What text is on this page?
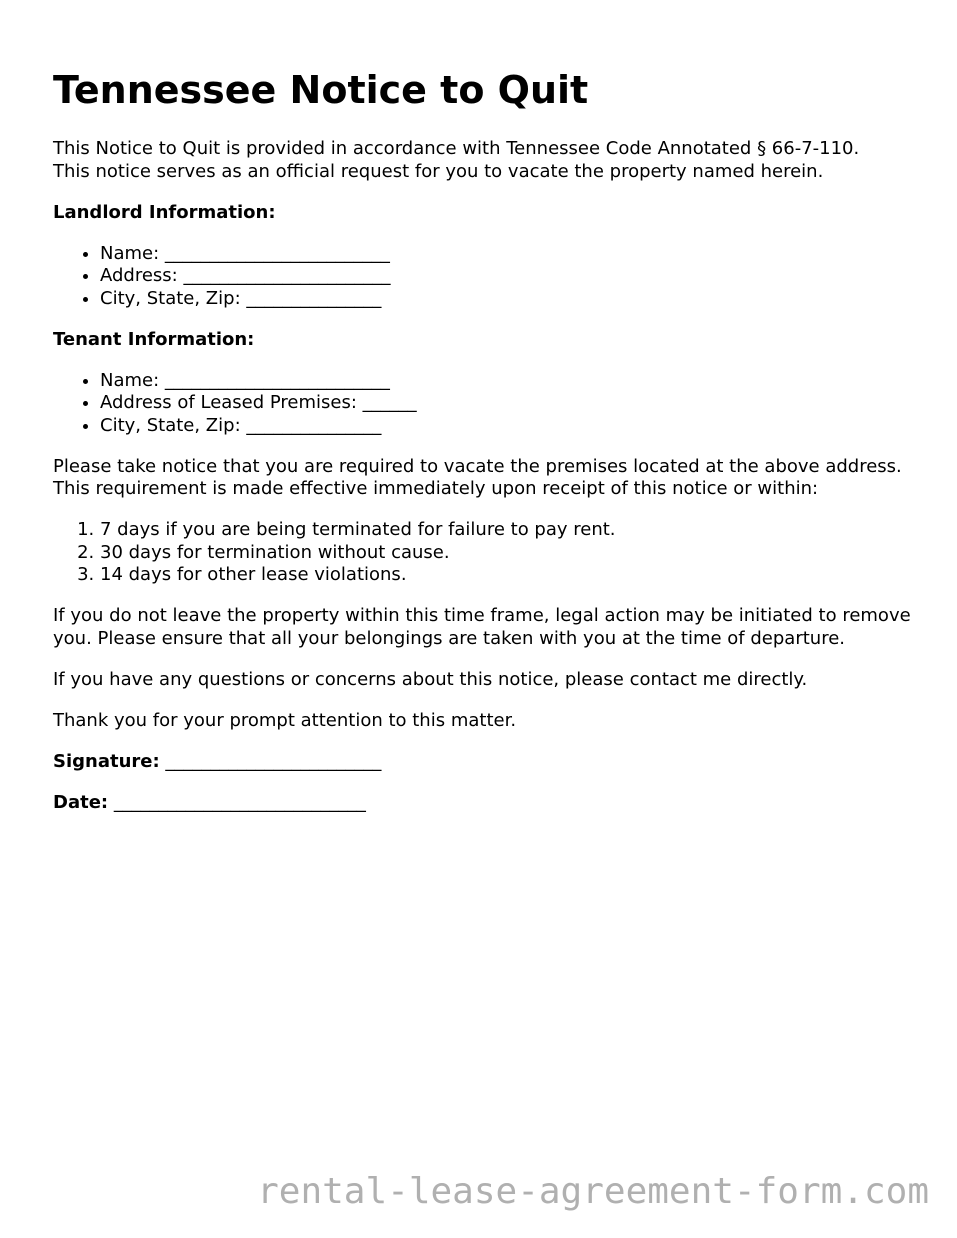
Tennessee Notice to Quit

This Notice to Quit is provided in accordance with Tennessee Code Annotated § 66-7-110.
This notice serves as an official request for you to vacate the property named herein.

Landlord Information:

• Name: _________________________
• Address: _______________________
• City, State, Zip: _______________

Tenant Information:

• Name: _________________________
• Address of Leased Premises: ______
• City, State, Zip: _______________

Please take notice that you are required to vacate the premises located at the above address. This requirement is made effective immediately upon receipt of this notice or within:

1. 7 days if you are being terminated for failure to pay rent.
2. 30 days for termination without cause.
3. 14 days for other lease violations.

If you do not leave the property within this time frame, legal action may be initiated to remove you. Please ensure that all your belongings are taken with you at the time of departure.

If you have any questions or concerns about this notice, please contact me directly.

Thank you for your prompt attention to this matter.

Signature: ________________________

Date: ____________________________

rental-lease-agreement-form.com
